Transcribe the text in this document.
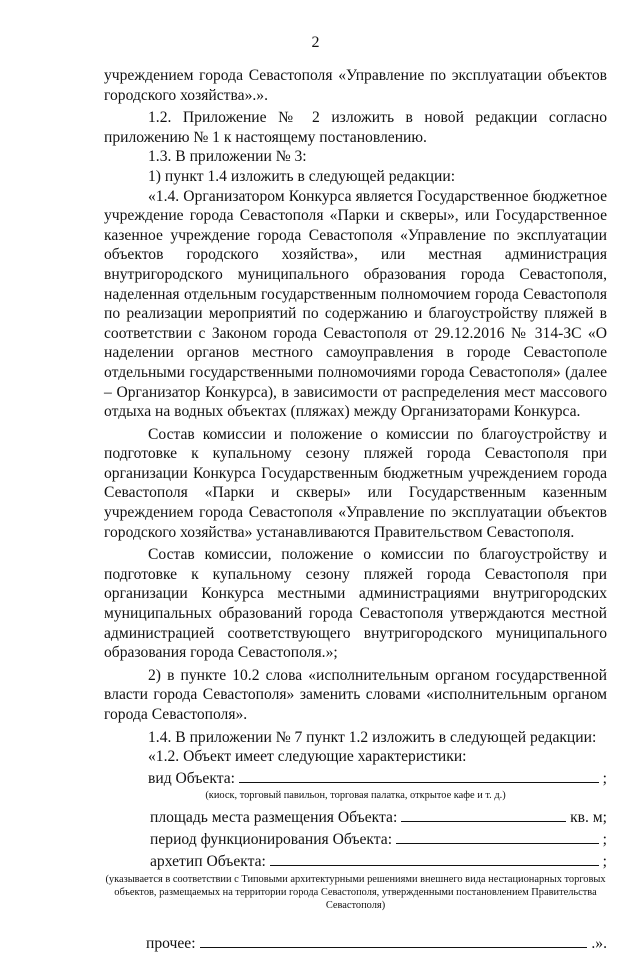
2

учреждением города Севастополя «Управление по эксплуатации объектов городского хозяйства».».

1.2. Приложение № 2 изложить в новой редакции согласно приложению № 1 к настоящему постановлению.

1.3. В приложении № 3:

1) пункт 1.4 изложить в следующей редакции:

«1.4. Организатором Конкурса является Государственное бюджетное учреждение города Севастополя «Парки и скверы», или Государственное казенное учреждение города Севастополя «Управление по эксплуатации объектов городского хозяйства», или местная администрация внутригородского муниципального образования города Севастополя, наделенная отдельным государственным полномочием города Севастополя по реализации мероприятий по содержанию и благоустройству пляжей в соответствии с Законом города Севастополя от 29.12.2016 № 314-ЗС «О наделении органов местного самоуправления в городе Севастополе отдельными государственными полномочиями города Севастополя» (далее – Организатор Конкурса), в зависимости от распределения мест массового отдыха на водных объектах (пляжах) между Организаторами Конкурса.

Состав комиссии и положение о комиссии по благоустройству и подготовке к купальному сезону пляжей города Севастополя при организации Конкурса Государственным бюджетным учреждением города Севастополя «Парки и скверы» или Государственным казенным учреждением города Севастополя «Управление по эксплуатации объектов городского хозяйства» устанавливаются Правительством Севастополя.

Состав комиссии, положение о комиссии по благоустройству и подготовке к купальному сезону пляжей города Севастополя при организации Конкурса местными администрациями внутригородских муниципальных образований города Севастополя утверждаются местной администрацией соответствующего внутригородского муниципального образования города Севастополя.»;

2) в пункте 10.2 слова «исполнительным органом государственной власти города Севастополя» заменить словами «исполнительным органом города Севастополя».

1.4. В приложении № 7 пункт 1.2 изложить в следующей редакции:

«1.2. Объект имеет следующие характеристики:

вид Объекта:	;
(киоск, торговый павильон, торговая палатка, открытое кафе и т. д.)
площадь места размещения Объекта:	кв. м;
период функционирования Объекта:	;
архетип Объекта:	;
(указывается в соответствии с Типовыми архитектурными решениями внешнего вида нестационарных торговых объектов, размещаемых на территории города Севастополя, утвержденными постановлением Правительства Севастополя)
прочее:	.».
